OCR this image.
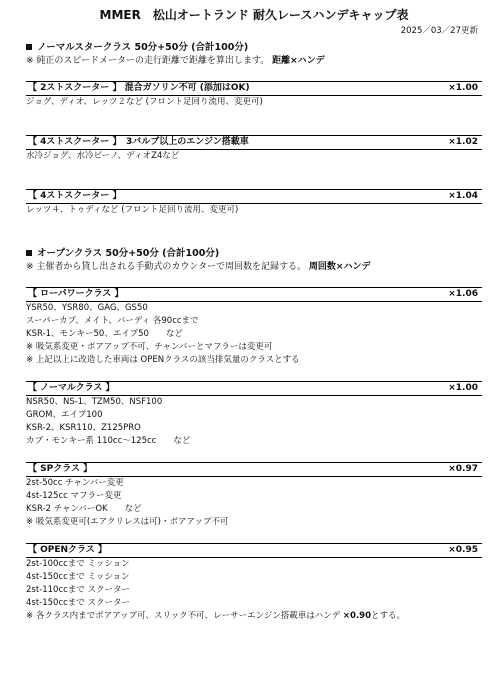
MMER　松山オートランド 耐久レースハンデキャップ表
2025／03／27更新
ノーマルスタークラス 50分+50分 (合計100分)
※ 純正のスピードメーターの走行距離で距離を算出します。 距離×ハンデ
【 2ストスクーター 】 混合ガソリン不可 (添加はOK)	×1.00
ジョグ、ディオ、レッツ２など (フロント足回り流用、変更可)
【 4ストスクーター 】　3バルブ以上のエンジン搭載車	×1.02
水冷ジョグ、水冷ビーノ、ディオZ4など
【 4ストスクーター 】	×1.04
レッツ４、トゥディなど (フロント足回り流用、変更可)
オープンクラス 50分+50分 (合計100分)
※ 主催者から貸し出される手動式のカウンターで周回数を記録する。 周回数×ハンデ
【 ローパワークラス 】	×1.06
YSR50、YSR80、GAG、GS50
スーパーカブ、メイト、バーディ 各90ccまで
KSR-1、モンキー50、エイプ50　　など
※ 吸気系変更・ボアアップ不可、チャンバーとマフラーは変更可
※ 上記以上に改造した車両は OPENクラスの該当排気量のクラスとする
【 ノーマルクラス 】	×1.00
NSR50、NS-1、TZM50、NSF100
GROM、エイプ100
KSR-2、KSR110、Z125PRO
カブ・モンキー系 110cc～125cc　　など
【 SPクラス 】	×0.97
2st-50cc チャンバー変更
4st-125cc マフラー変更
KSR-2 チャンバーOK　　など
※ 吸気系変更可(エアクリレスは可)・ボアアップ不可
【 OPENクラス 】	×0.95
2st-100ccまで ミッション
4st-150ccまで ミッション
2st-110ccまで スクーター
4st-150ccまで スクーター
※ 各クラス内までボアアップ可、スリック不可、レーサーエンジン搭載車はハンデ
×0.90 とする。
